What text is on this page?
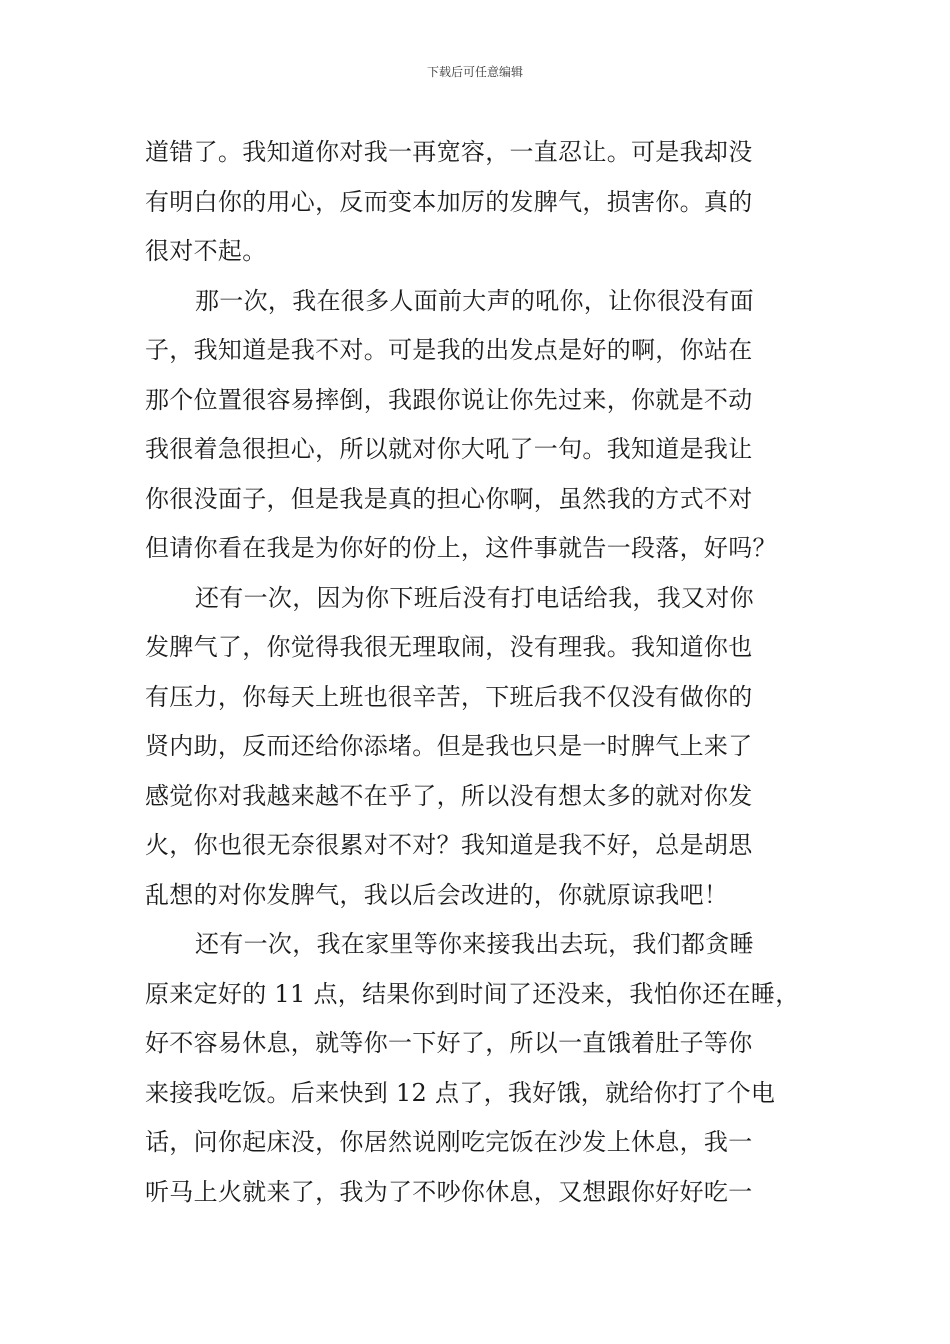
下载后可任意编辑
道错了。我知道你对我一再宽容，一直忍让。可是我却没
有明白你的用心，反而变本加厉的发脾气，损害你。真的
很对不起。
那一次，我在很多人面前大声的吼你，让你很没有面
子，我知道是我不对。可是我的出发点是好的啊，你站在
那个位置很容易摔倒，我跟你说让你先过来，你就是不动
我很着急很担心，所以就对你大吼了一句。我知道是我让
你很没面子，但是我是真的担心你啊，虽然我的方式不对
但请你看在我是为你好的份上，这件事就告一段落，好吗？
还有一次，因为你下班后没有打电话给我，我又对你
发脾气了，你觉得我很无理取闹，没有理我。我知道你也
有压力，你每天上班也很辛苦，下班后我不仅没有做你的
贤内助，反而还给你添堵。但是我也只是一时脾气上来了
感觉你对我越来越不在乎了，所以没有想太多的就对你发
火，你也很无奈很累对不对？我知道是我不好，总是胡思
乱想的对你发脾气，我以后会改进的，你就原谅我吧！
还有一次，我在家里等你来接我出去玩，我们都贪睡
原来定好的 11 点，结果你到时间了还没来，我怕你还在睡，
好不容易休息，就等你一下好了，所以一直饿着肚子等你
来接我吃饭。后来快到 12 点了，我好饿，就给你打了个电
话，问你起床没，你居然说刚吃完饭在沙发上休息，我一
听马上火就来了，我为了不吵你休息，又想跟你好好吃一
